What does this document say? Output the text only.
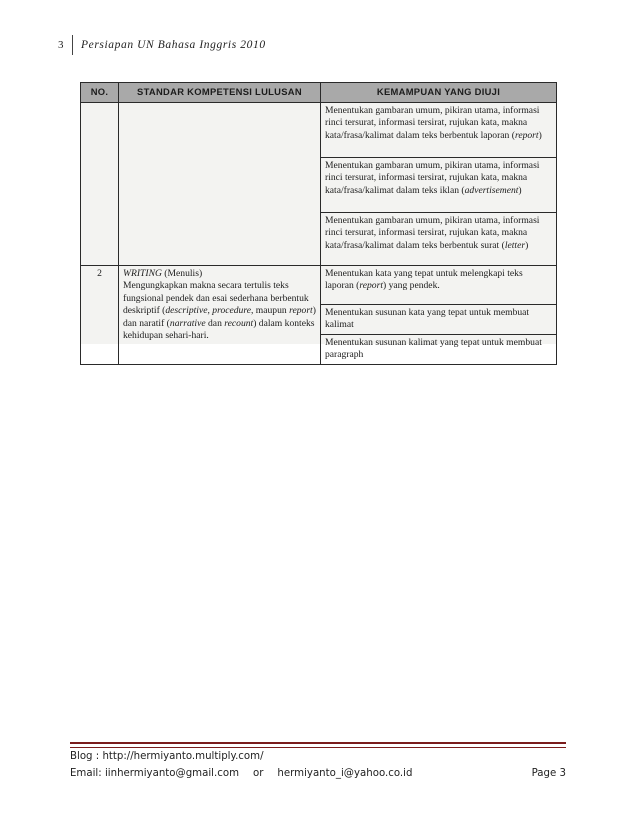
3	Persiapan UN Bahasa Inggris 2010
NO.	STANDAR KOMPETENSI LULUSAN	KEMAMPUAN YANG DIUJI
		Menentukan gambaran umum, pikiran utama, informasi rinci tersurat, informasi tersirat, rujukan kata, makna kata/frasa/kalimat dalam teks berbentuk laporan (report)
		Menentukan gambaran umum, pikiran utama, informasi rinci tersurat, informasi tersirat, rujukan kata, makna kata/frasa/kalimat dalam teks iklan (advertisement)
		Menentukan gambaran umum, pikiran utama, informasi rinci tersurat, informasi tersirat, rujukan kata, makna kata/frasa/kalimat dalam teks berbentuk surat (letter)
2	WRITING (Menulis)
Mengungkapkan makna secara tertulis teks fungsional pendek dan esai sederhana berbentuk deskriptif (descriptive, procedure, maupun report) dan naratif (narrative dan recount) dalam konteks kehidupan sehari-hari.	Menentukan kata yang tepat untuk melengkapi teks laporan (report) yang pendek.
		Menentukan susunan kata yang tepat untuk membuat kalimat
		Menentukan susunan kalimat yang tepat untuk membuat paragraph
Blog : http://hermiyanto.multiply.com/
Email: iinhermiyanto@gmail.com or hermiyanto_i@yahoo.co.id	Page 3
